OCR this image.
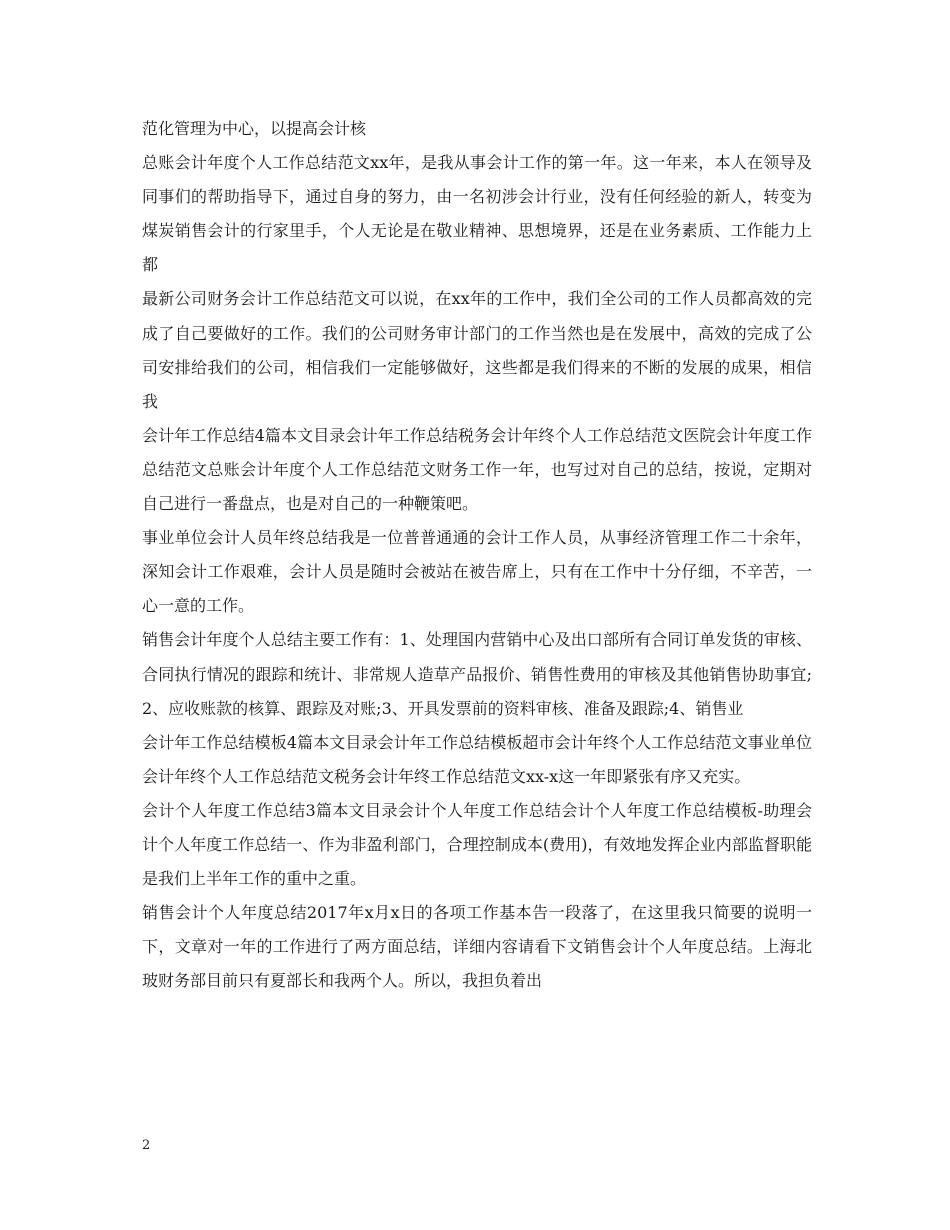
范化管理为中心，以提高会计核

总账会计年度个人工作总结范文xx年，是我从事会计工作的第一年。这一年来，本人在领导及同事们的帮助指导下，通过自身的努力，由一名初涉会计行业，没有任何经验的新人，转变为煤炭销售会计的行家里手，个人无论是在敬业精神、思想境界，还是在业务素质、工作能力上都

最新公司财务会计工作总结范文可以说，在xx年的工作中，我们全公司的工作人员都高效的完成了自己要做好的工作。我们的公司财务审计部门的工作当然也是在发展中，高效的完成了公司安排给我们的公司，相信我们一定能够做好，这些都是我们得来的不断的发展的成果，相信我

会计年工作总结4篇本文目录会计年工作总结税务会计年终个人工作总结范文医院会计年度工作总结范文总账会计年度个人工作总结范文财务工作一年，也写过对自己的总结，按说，定期对自己进行一番盘点，也是对自己的一种鞭策吧。

事业单位会计人员年终总结我是一位普普通通的会计工作人员，从事经济管理工作二十余年，深知会计工作艰难，会计人员是随时会被站在被告席上，只有在工作中十分仔细，不辛苦，一心一意的工作。

销售会计年度个人总结主要工作有：1、处理国内营销中心及出口部所有合同订单发货的审核、合同执行情况的跟踪和统计、非常规人造草产品报价、销售性费用的审核及其他销售协助事宜;2、应收账款的核算、跟踪及对账;3、开具发票前的资料审核、准备及跟踪;4、销售业

会计年工作总结模板4篇本文目录会计年工作总结模板超市会计年终个人工作总结范文事业单位会计年终个人工作总结范文税务会计年终工作总结范文xx-x这一年即紧张有序又充实。

会计个人年度工作总结3篇本文目录会计个人年度工作总结会计个人年度工作总结模板-助理会计个人年度工作总结一、作为非盈利部门，合理控制成本(费用)，有效地发挥企业内部监督职能是我们上半年工作的重中之重。

销售会计个人年度总结2017年x月x日的各项工作基本告一段落了，在这里我只简要的说明一下，文章对一年的工作进行了两方面总结，详细内容请看下文销售会计个人年度总结。上海北玻财务部目前只有夏部长和我两个人。所以，我担负着出

2
